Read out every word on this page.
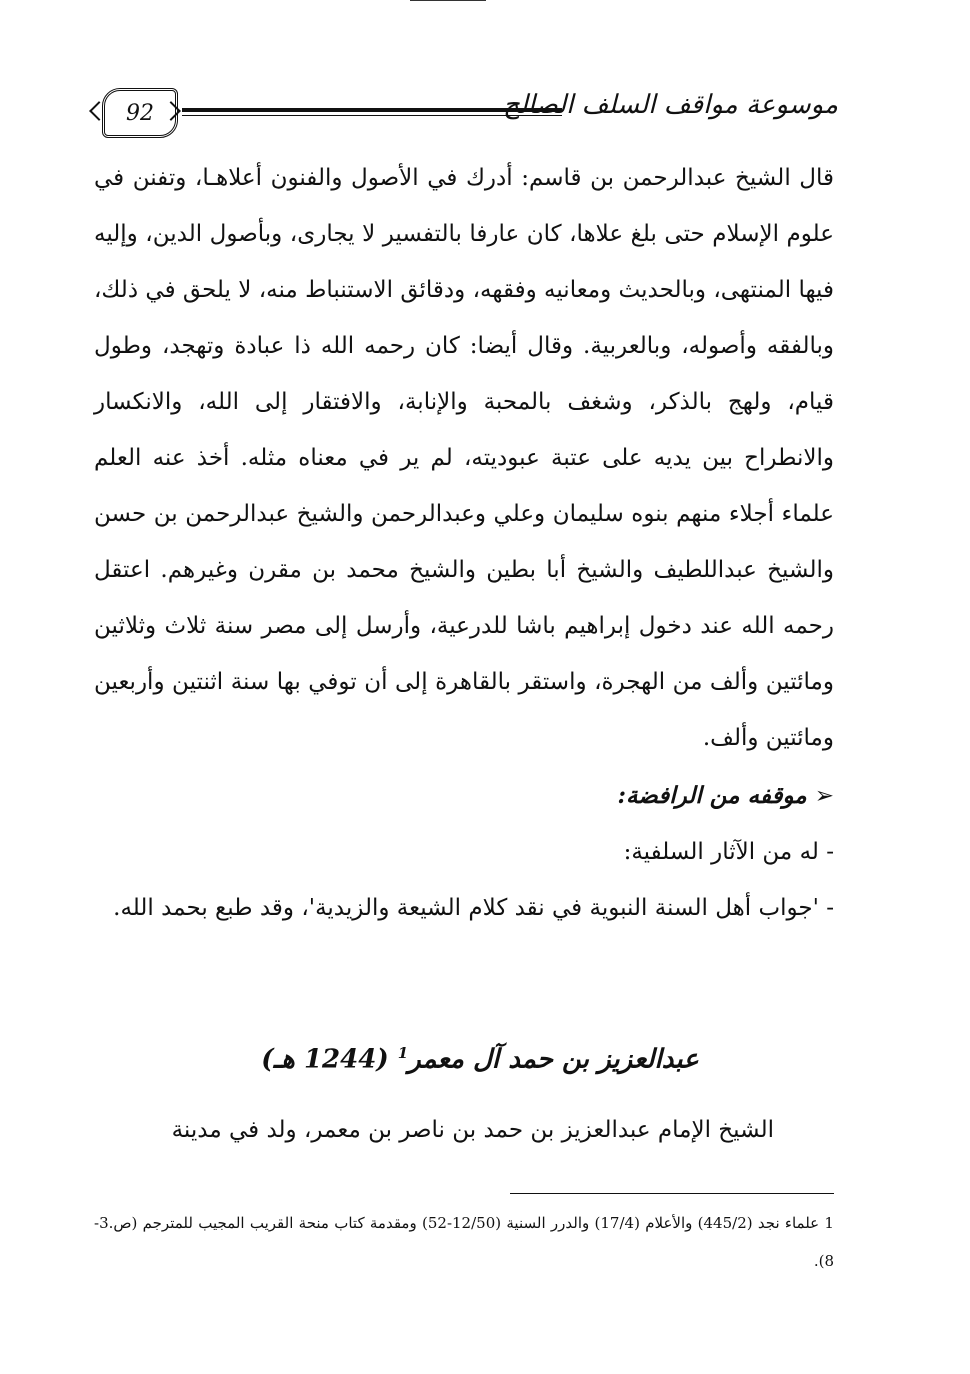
92	موسوعة مواقف السلف الصالح

قال الشيخ عبدالرحمن بن قاسم: أدرك في الأصول والفنون أعلاهـا، وتفنن في علوم الإسلام حتى بلغ علاها، كان عارفا بالتفسير لا يجارى، وبأصول الدين، وإليه فيها المنتهى، وبالحديث ومعانيه وفقهه، ودقائق الاستنباط منه، لا يلحق في ذلك، وبالفقه وأصوله، وبالعربية. وقال أيضا: كان رحمه الله ذا عبادة وتهجد، وطول قيام، ولهج بالذكر، وشغف بالمحبة والإنابة، والافتقار إلى الله، والانكسار والانطراح بين يديه على عتبة عبوديته، لم ير في معناه مثله. أخذ عنه العلم علماء أجلاء منهم بنوه سليمان وعلي وعبدالرحمن والشيخ عبدالرحمن بن حسن والشيخ عبداللطيف والشيخ أبا بطين والشيخ محمد بن مقرن وغيرهم. اعتقل رحمه الله عند دخول إبراهيم باشا للدرعية، وأرسل إلى مصر سنة ثلاث وثلاثين ومائتين وألف من الهجرة، واستقر بالقاهرة إلى أن توفي بها سنة اثنتين وأربعين ومائتين وألف.

➢موقفه من الرافضة:

- له من الآثار السلفية:

- 'جواب أهل السنة النبوية في نقد كلام الشيعة والزيدية'، وقد طبع بحمد الله.

عبدالعزيز بن حمد آل معمر$^1$ (1244 هـ)
الشيخ الإمام عبدالعزيز بن حمد بن ناصر بن معمر، ولد في مدينة
1 علماء نجد (445/2) والأعلام (17/4) والدرر السنية (12/50-52) ومقدمة كتاب منحة القريب المجيب للمترجم (ص.3-8).
